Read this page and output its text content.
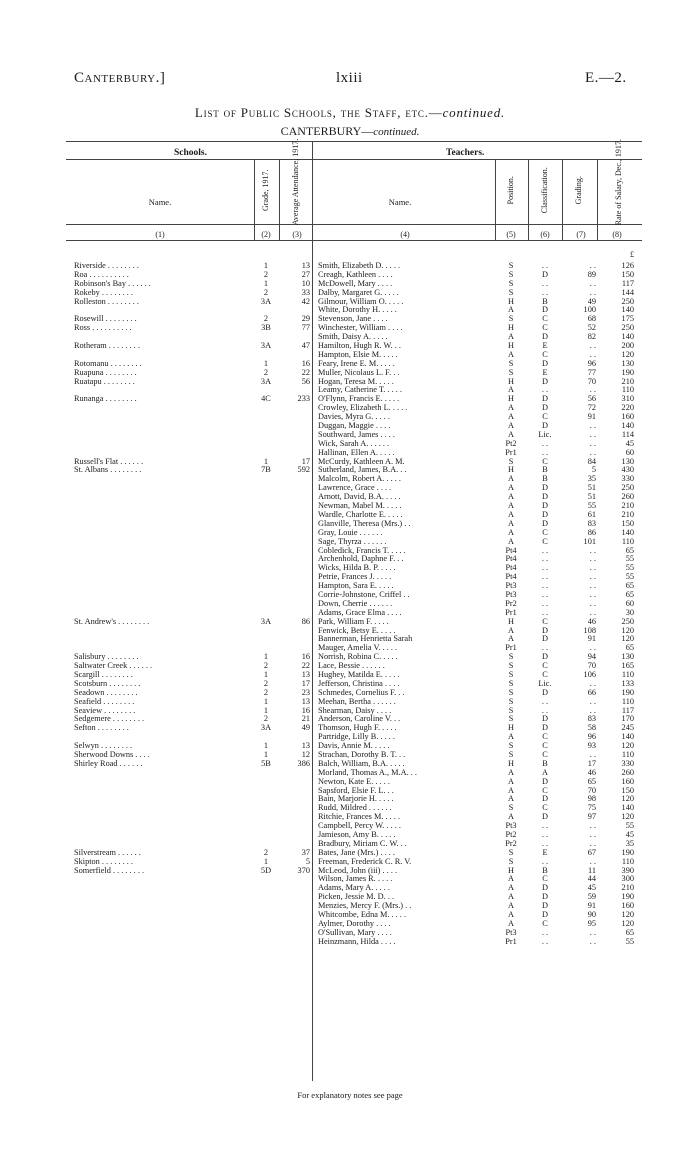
Canterbury.]	lxiii	E.—2.
List of Public Schools, the Staff, etc.—continued.
CANTERBURY—continued.
Schools.	Teachers.
Name.	Grade, 1917.	Average Attendance, 1917.	Name.	Position.	Classification.	Grading.	Rate of Salary, Dec., 1917.
(1)	(2)	(3)	(4)	(5)	(6)	(7)	(8)
£
Riverside . . . . . . . .	1	13 Smith, Elizabeth D. . . . .	S	. .	. .	126
Roa . . . . . . . . . .	2	27 Creagh, Kathleen . . . .	S	D	89	150
Robinson's Bay . . . . . .	1	10 McDowell, Mary . . . .	S	. .	. .	117
Rokeby . . . . . . . .	2	33 Dalby, Margaret G. . . . .	S	. .	. .	144
Rolleston . . . . . . . .	3A	42 Gilmour, William O. . . . .	H	B	49	250
White, Dorothy H. . . . .	A	D	100	140
Rosewill . . . . . . . .	2	29 Stevenson, Jane . . . .	S	C	68	175
Ross . . . . . . . . . .	3B	77 Winchester, William . . . .	H	C	52	250
Smith, Daisy A. . . . .	A	D	82	140
Rotheram . . . . . . . .	3A	47 Hamilton, Hugh R. W. . .	H	E	. .	200
Hampton, Elsie M. . . . .	A	C	. .	120
Rotomanu . . . . . . . .	1	16 Feary, Irene E. M. . . . .	S	D	96	130
Ruapuna . . . . . . . .	2	22 Muller, Nicolaus L. F. . .	S	E	77	190
Ruatapu . . . . . . . .	3A	56 Hogan, Teresa M. . . . .	H	D	70	210
Leamy, Catherine T. . . . .	A	. .	. .	110
Runanga . . . . . . . .	4C	233 O'Flynn, Francis E. . . . .	H	D	56	310
Crowley, Elizabeth L. . . . .	A	D	72	220
Davies, Myra G. . . . .	A	C	91	160
Duggan, Maggie . . . .	A	D	. .	140
Southward, James . . . .	A	Lic.	. .	114
Wick, Sarah A. . . . . .	Pt2	. .	. .	45
Hallinan, Ellen A. . . . .	Pr1	. .	. .	60
Russell's Flat . . . . . .	1	17 McCurdy, Kathleen A. M.	S	C	84	130
St. Albans . . . . . . . .	7B	592 Sutherland, James, B.A. . .	H	B	5	430
Malcolm, Robert A. . . . .	A	B	35	330
Lawrence, Grace . . . .	A	D	51	250
Arnott, David, B.A. . . . .	A	D	51	260
Newman, Mabel M. . . . .	A	D	55	210
Wardle, Charlotte E. . . . .	A	D	61	210
Glanville, Theresa (Mrs.) . .	A	D	83	150
Gray, Louie . . . . . .	A	C	86	140
Sage, Thyrza . . . . . .	A	C	101	110
Cobledick, Francis T. . . . .	Pt4	. .	. .	65
Archenhold, Daphne F. . .	Pt4	. .	. .	55
Wicks, Hilda B. P. . . . .	Pt4	. .	. .	55
Petrie, Frances J. . . . .	Pt4	. .	. .	55
Hampton, Sara E. . . . .	Pt3	. .	. .	65
Corrie-Johnstone, Criffel . .	Pt3	. .	. .	65
Down, Cherrie . . . . . .	Pr2	. .	. .	60
Adams, Grace Elma . . . .	Pr1	. .	. .	30
St. Andrew's . . . . . . . .	3A	86 Park, William F. . . . .	H	C	46	250
Fenwick, Betsy E. . . . .	A	D	108	120
Bannerman, Henrietta Sarah	A	D	91	120
Mauger, Amelia V. . . . .	Pr1	. .	. .	65
Salisbury . . . . . . . .	1	16 Norrish, Robina C. . . . .	S	D	94	130
Saltwater Creek . . . . . .	2	22 Lace, Bessie . . . . . .	S	C	70	165
Scargill . . . . . . . .	1	13 Hughey, Matilda E. . . . .	S	C	106	110
Scotsburn . . . . . . . .	2	17 Jefferson, Christina . . . .	S	Lic.	. .	133
Seadown . . . . . . . .	2	23 Schmedes, Cornelius F. . .	S	D	66	190
Seafield . . . . . . . .	1	13 Meehan, Bertha . . . . . .	S	. .	. .	110
Seaview . . . . . . . .	1	16 Shearman, Daisy . . . .	S	. .	. .	117
Sedgemere . . . . . . . .	2	21 Anderson, Caroline V. . .	S	D	83	170
Sefton . . . . . . . .	3A	49 Thomson, Hugh F. . . . .	H	D	58	245
Partridge, Lilly B. . . . .	A	C	96	140
Selwyn . . . . . . . .	1	13 Davis, Annie M. . . . .	S	C	93	120
Sherwood Downs . . . .	1	12 Strachan, Dorothy B. T. . .	S	C	. .	110
Shirley Road . . . . . .	5B	386 Balch, William, B.A. . . . .	H	B	17	330
Morland, Thomas A., M.A. . .	A	A	46	260
Newton, Kate E. . . . .	A	D	65	160
Sapsford, Elsie F. L. . .	A	C	70	150
Bain, Marjorie H. . . . .	A	D	98	120
Rudd, Mildred . . . . . .	S	C	75	140
Ritchie, Frances M. . . . .	A	D	97	120
Campbell, Percy W. . . . .	Pt3	. .	. .	55
Jamieson, Amy B. . . . .	Pt2	. .	. .	45
Bradbury, Miriam C. W. . .	Pr2	. .	. .	35
Silverstream . . . . . .	2	37 Bates, Jane (Mrs.) . . . .	S	E	67	190
Skipton . . . . . . . .	1	5 Freeman, Frederick C. R. V.	S	. .	. .	110
Somerfield . . . . . . . .	5D	370 McLeod, John (iii) . . . .	H	B	11	390
Wilson, James R. . . . .	A	C	44	300
Adams, Mary A. . . . .	A	D	45	210
Picken, Jessie M. D. . .	A	D	59	190
Menzies, Mercy F. (Mrs.) . .	A	D	91	160
Whitcombe, Edna M. . . . .	A	D	90	120
Aylmer, Dorothy . . . .	A	C	95	120
O'Sullivan, Mary . . . .	Pt3	. .	. .	65
Heinzmann, Hilda . . . .	Pr1	. .	. .	55
For explanatory notes see page
